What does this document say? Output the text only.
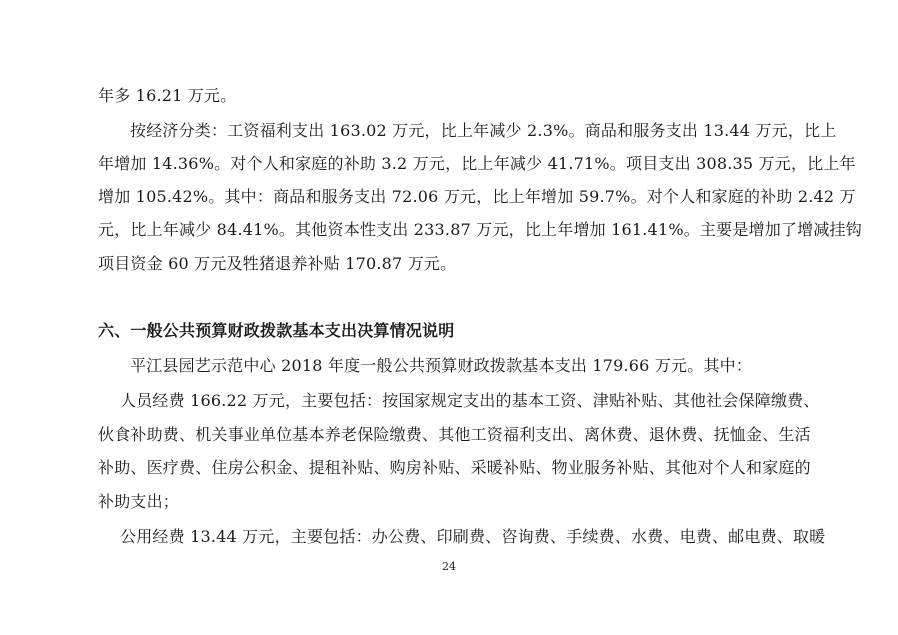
年多 16.21 万元。
按经济分类：工资福利支出 163.02 万元，比上年减少 2.3%。商品和服务支出 13.44 万元，比上
年增加 14.36%。对个人和家庭的补助 3.2 万元，比上年减少 41.71%。项目支出 308.35 万元，比上年
增加 105.42%。其中：商品和服务支出 72.06 万元，比上年增加 59.7%。对个人和家庭的补助 2.42 万
元，比上年减少 84.41%。其他资本性支出 233.87 万元，比上年增加 161.41%。主要是增加了增减挂钩
项目资金 60 万元及牲猪退养补贴 170.87 万元。
六、一般公共预算财政拨款基本支出决算情况说明
平江县园艺示范中心 2018 年度一般公共预算财政拨款基本支出 179.66 万元。其中：
人员经费 166.22 万元，主要包括：按国家规定支出的基本工资、津贴补贴、其他社会保障缴费、
伙食补助费、机关事业单位基本养老保险缴费、其他工资福利支出、离休费、退休费、抚恤金、生活
补助、医疗费、住房公积金、提租补贴、购房补贴、采暖补贴、物业服务补贴、其他对个人和家庭的
补助支出；
公用经费 13.44 万元，主要包括：办公费、印刷费、咨询费、手续费、水费、电费、邮电费、取暖
24
